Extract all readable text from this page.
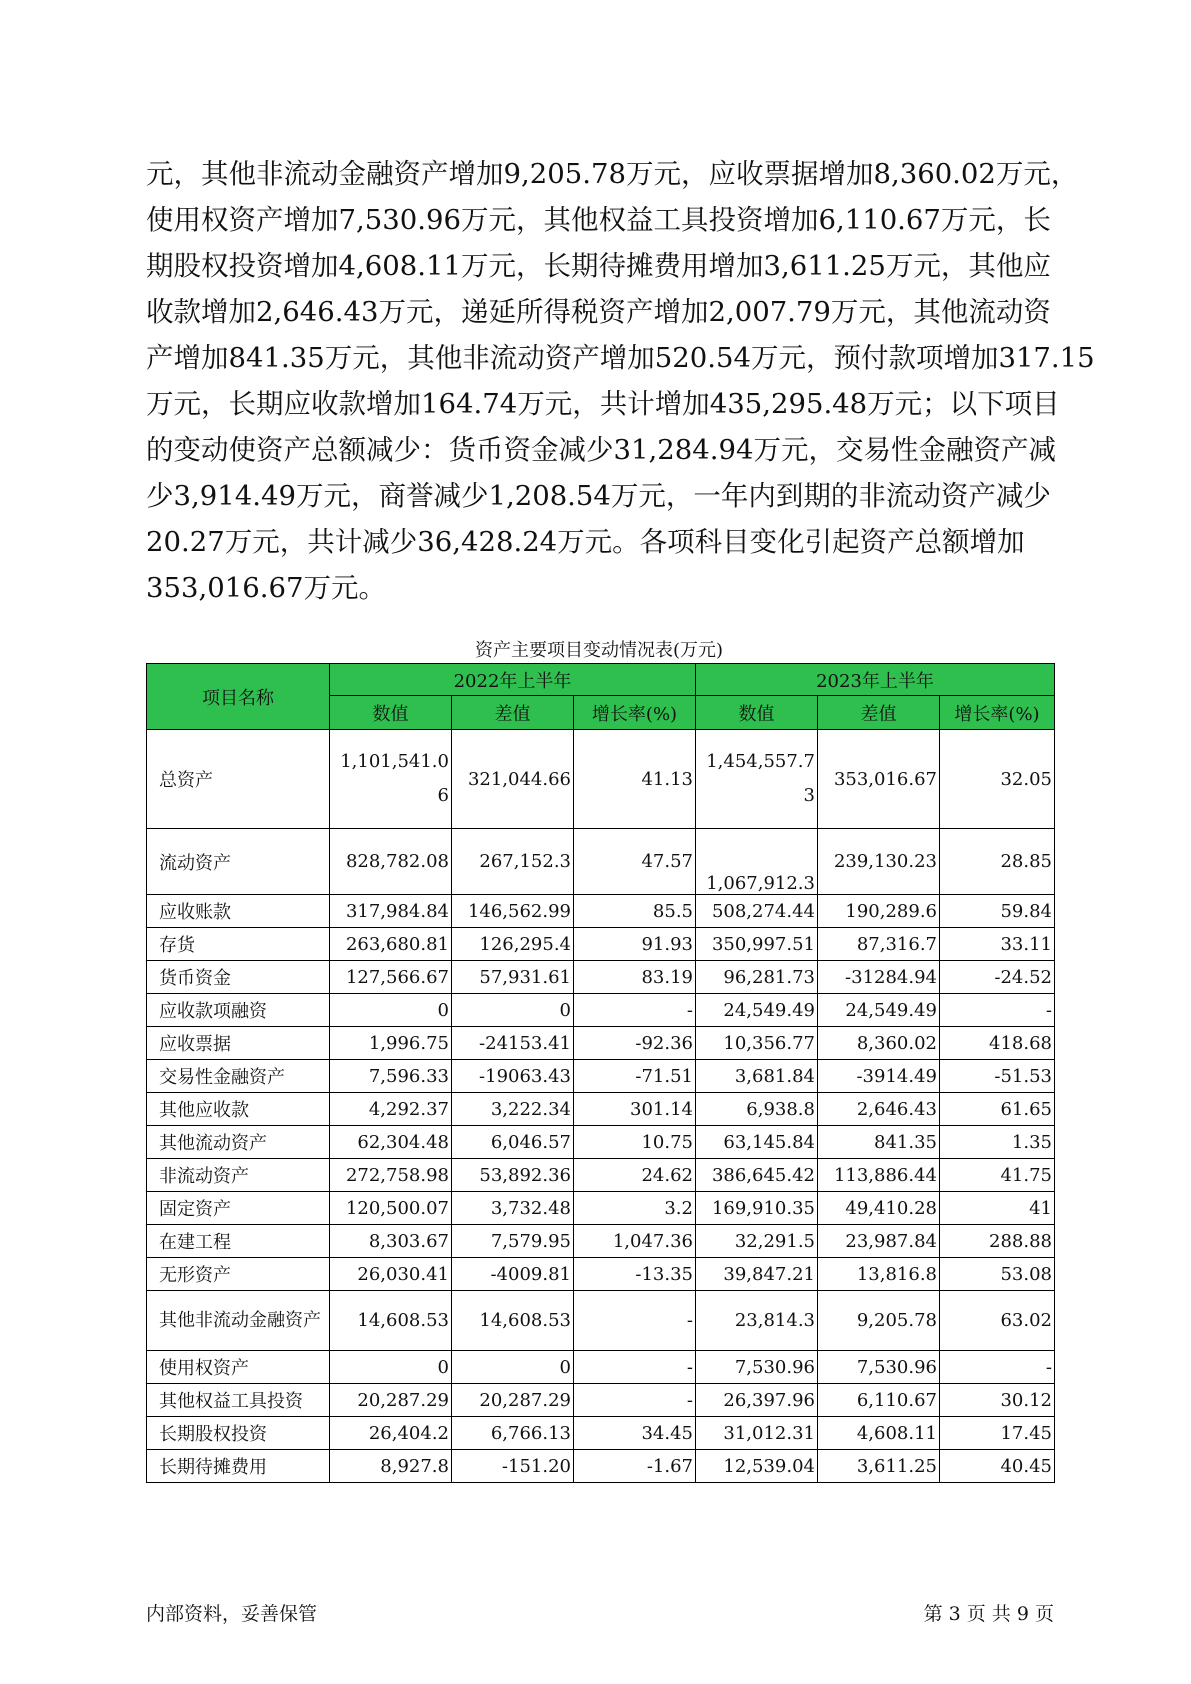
元，其他非流动金融资产增加9,205.78万元，应收票据增加8,360.02万元，
使用权资产增加7,530.96万元，其他权益工具投资增加6,110.67万元，长
期股权投资增加4,608.11万元，长期待摊费用增加3,611.25万元，其他应
收款增加2,646.43万元，递延所得税资产增加2,007.79万元，其他流动资
产增加841.35万元，其他非流动资产增加520.54万元，预付款项增加317.15
万元，长期应收款增加164.74万元，共计增加435,295.48万元；以下项目
的变动使资产总额减少：货币资金减少31,284.94万元，交易性金融资产减
少3,914.49万元，商誉减少1,208.54万元，一年内到期的非流动资产减少
20.27万元，共计减少36,428.24万元。各项科目变化引起资产总额增加
353,016.67万元。
资产主要项目变动情况表(万元)
项目名称	2022年上半年			2023年上半年		
	数值	差值	增长率(%)	数值	差值	增长率(%)
总资产	1,101,541.06	321,044.66	41.13	1,454,557.73	353,016.67	32.05
流动资产	828,782.08	267,152.3	47.57	1,067,912.3	239,130.23	28.85
应收账款	317,984.84	146,562.99	85.5	508,274.44	190,289.6	59.84
存货	263,680.81	126,295.4	91.93	350,997.51	87,316.7	33.11
货币资金	127,566.67	57,931.61	83.19	96,281.73	-31284.94	-24.52
应收款项融资	0	0	-	24,549.49	24,549.49	-
应收票据	1,996.75	-24153.41	-92.36	10,356.77	8,360.02	418.68
交易性金融资产	7,596.33	-19063.43	-71.51	3,681.84	-3914.49	-51.53
其他应收款	4,292.37	3,222.34	301.14	6,938.8	2,646.43	61.65
其他流动资产	62,304.48	6,046.57	10.75	63,145.84	841.35	1.35
非流动资产	272,758.98	53,892.36	24.62	386,645.42	113,886.44	41.75
固定资产	120,500.07	3,732.48	3.2	169,910.35	49,410.28	41
在建工程	8,303.67	7,579.95	1,047.36	32,291.5	23,987.84	288.88
无形资产	26,030.41	-4009.81	-13.35	39,847.21	13,816.8	53.08
其他非流动金融资产	14,608.53	14,608.53	-	23,814.3	9,205.78	63.02
使用权资产	0	0	-	7,530.96	7,530.96	-
其他权益工具投资	20,287.29	20,287.29	-	26,397.96	6,110.67	30.12
长期股权投资	26,404.2	6,766.13	34.45	31,012.31	4,608.11	17.45
长期待摊费用	8,927.8	-151.20	-1.67	12,539.04	3,611.25	40.45
内部资料，妥善保管	第 3 页 共 9 页
